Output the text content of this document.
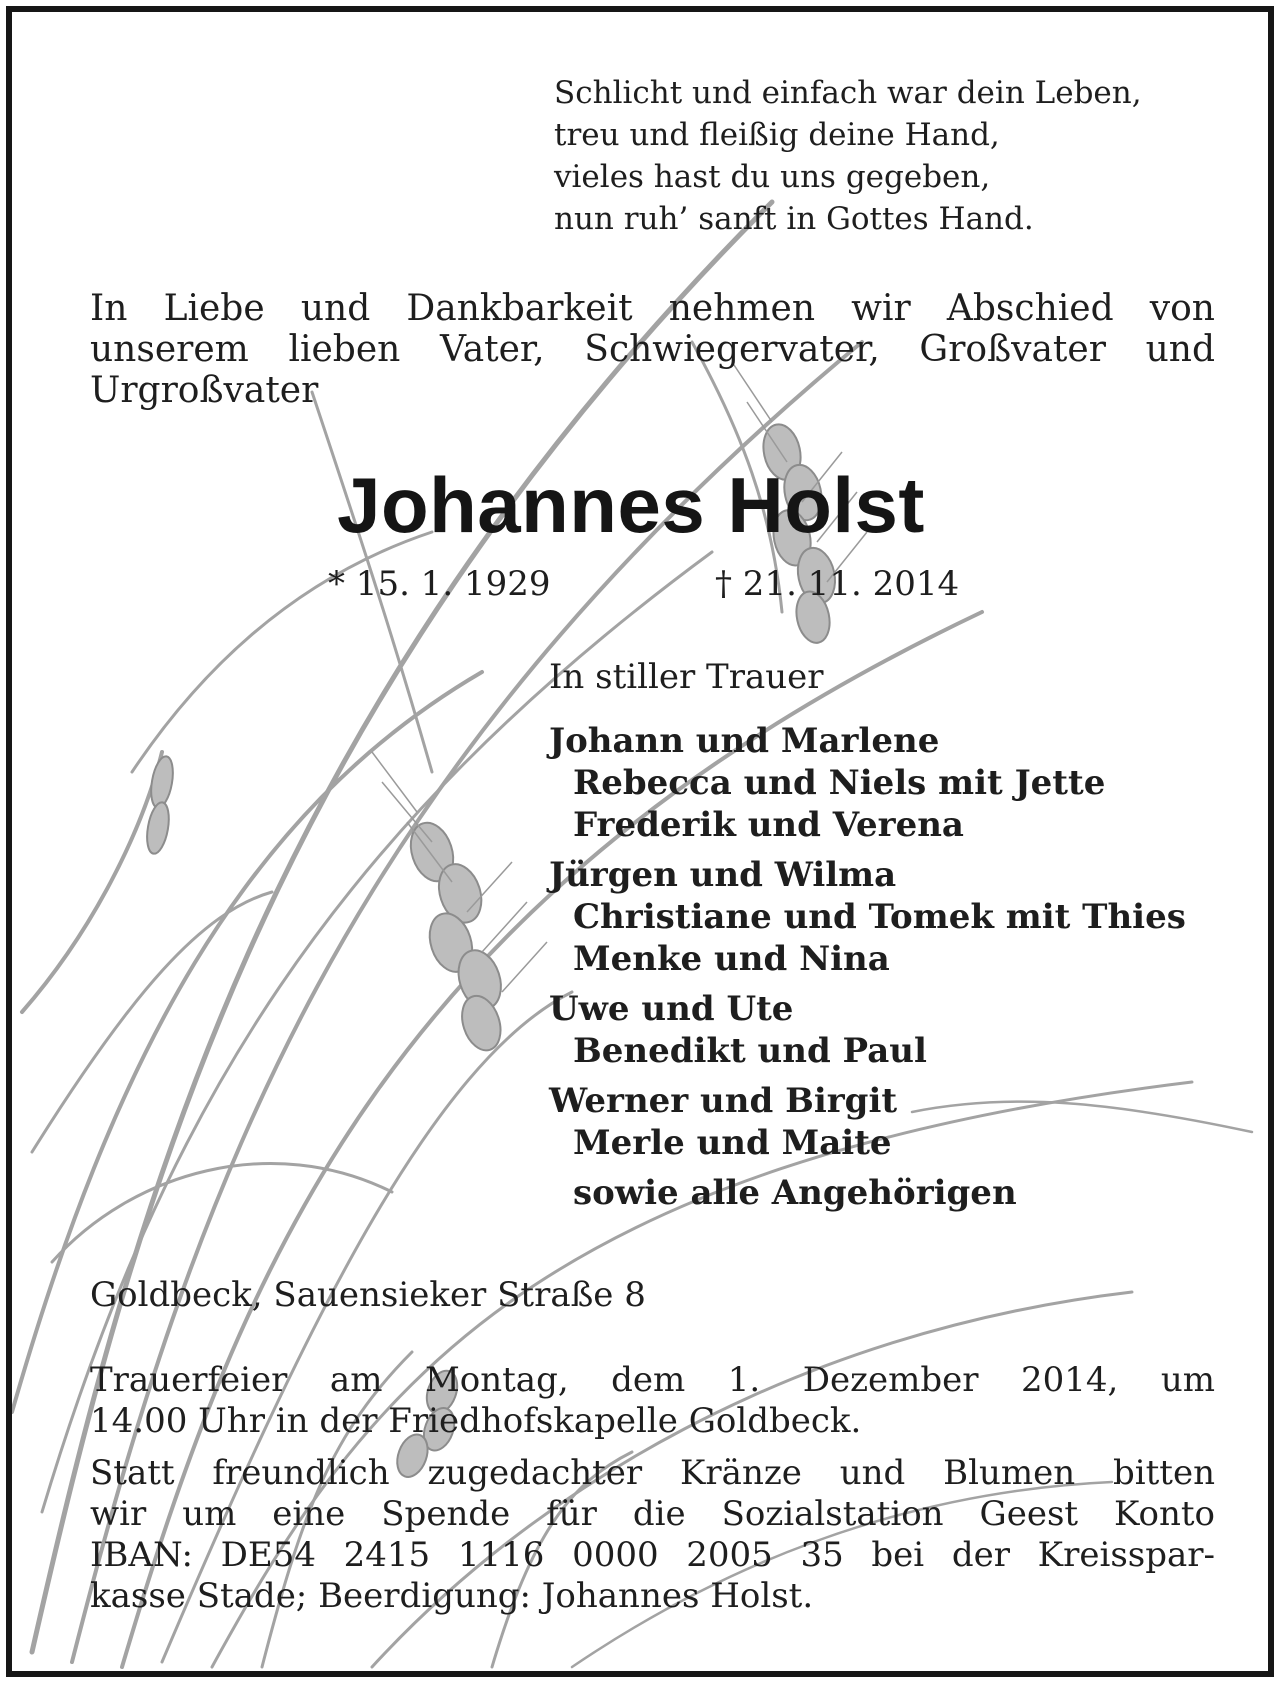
Schlicht und einfach war dein Leben,
treu und fleißig deine Hand,
vieles hast du uns gegeben,
nun ruh’ sanft in Gottes Hand.
In Liebe und Dankbarkeit nehmen wir Abschied von
unserem lieben Vater, Schwiegervater, Großvater und
Urgroßvater
Johannes Holst
* 15. 1. 1929	† 21. 11. 2014
In stiller Trauer
Johann und Marlene
Rebecca und Niels mit Jette
Frederik und Verena
Jürgen und Wilma
Christiane und Tomek mit Thies
Menke und Nina
Uwe und Ute
Benedikt und Paul
Werner und Birgit
Merle und Maite
sowie alle Angehörigen
Goldbeck, Sauensieker Straße 8
Trauerfeier am Montag, dem 1. Dezember 2014, um
14.00 Uhr in der Friedhofskapelle Goldbeck.
Statt freundlich zugedachter Kränze und Blumen bitten
wir um eine Spende für die Sozialstation Geest Konto
IBAN: DE54 2415 1116 0000 2005 35 bei der Kreisspar-
kasse Stade; Beerdigung: Johannes Holst.
